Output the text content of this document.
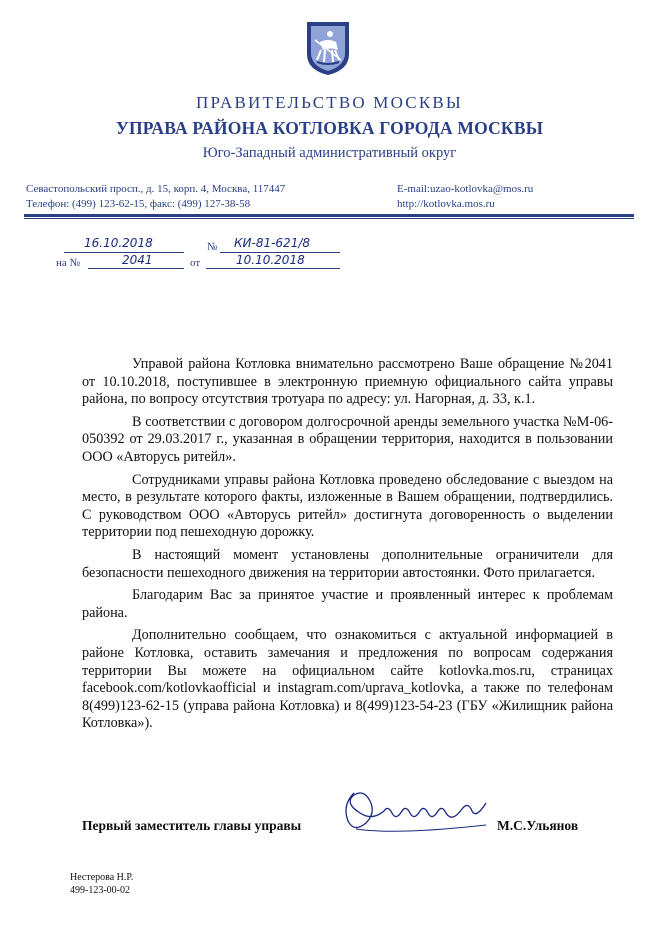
ПРАВИТЕЛЬСТВО МОСКВЫ
УПРАВА РАЙОНА КОТЛОВКА ГОРОДА МОСКВЫ
Юго-Западный административный округ
Севастопольский просп., д. 15, корп. 4, Москва, 117447
Телефон: (499) 123-62-15, факс: (499) 127-38-58
E-mail:uzao-kotlovka@mos.ru
http://kotlovka.mos.ru
16.10.2018	№ КИ-81-621/8
на №	2041	от	10.10.2018

Управой района Котловка внимательно рассмотрено Ваше обращение №2041 от 10.10.2018, поступившее в электронную приемную официального сайта управы района, по вопросу отсутствия тротуара по адресу: ул. Нагорная, д. 33, к.1.

В соответствии с договором долгосрочной аренды земельного участка №М-06-050392 от 29.03.2017 г., указанная в обращении территория, находится в пользовании ООО «Авторусь ритейл».

Сотрудниками управы района Котловка проведено обследование с выездом на место, в результате которого факты, изложенные в Вашем обращении, подтвердились. С руководством ООО «Авторусь ритейл» достигнута договоренность о выделении территории под пешеходную дорожку.

В настоящий момент установлены дополнительные ограничители для безопасности пешеходного движения на территории автостоянки. Фото прилагается.

Благодарим Вас за принятое участие и проявленный интерес к проблемам района.

Дополнительно сообщаем, что ознакомиться с актуальной информацией в районе Котловка, оставить замечания и предложения по вопросам содержания территории Вы можете на официальном сайте kotlovka.mos.ru, страницах facebook.com/kotlovkaofficial и instagram.com/uprava_kotlovka, а также по телефонам 8(499)123-62-15 (управа района Котловка) и 8(499)123-54-23 (ГБУ «Жилищник района Котловка»).

Первый заместитель главы управы	М.С.Ульянов
Нестерова Н.Р.
499-123-00-02
